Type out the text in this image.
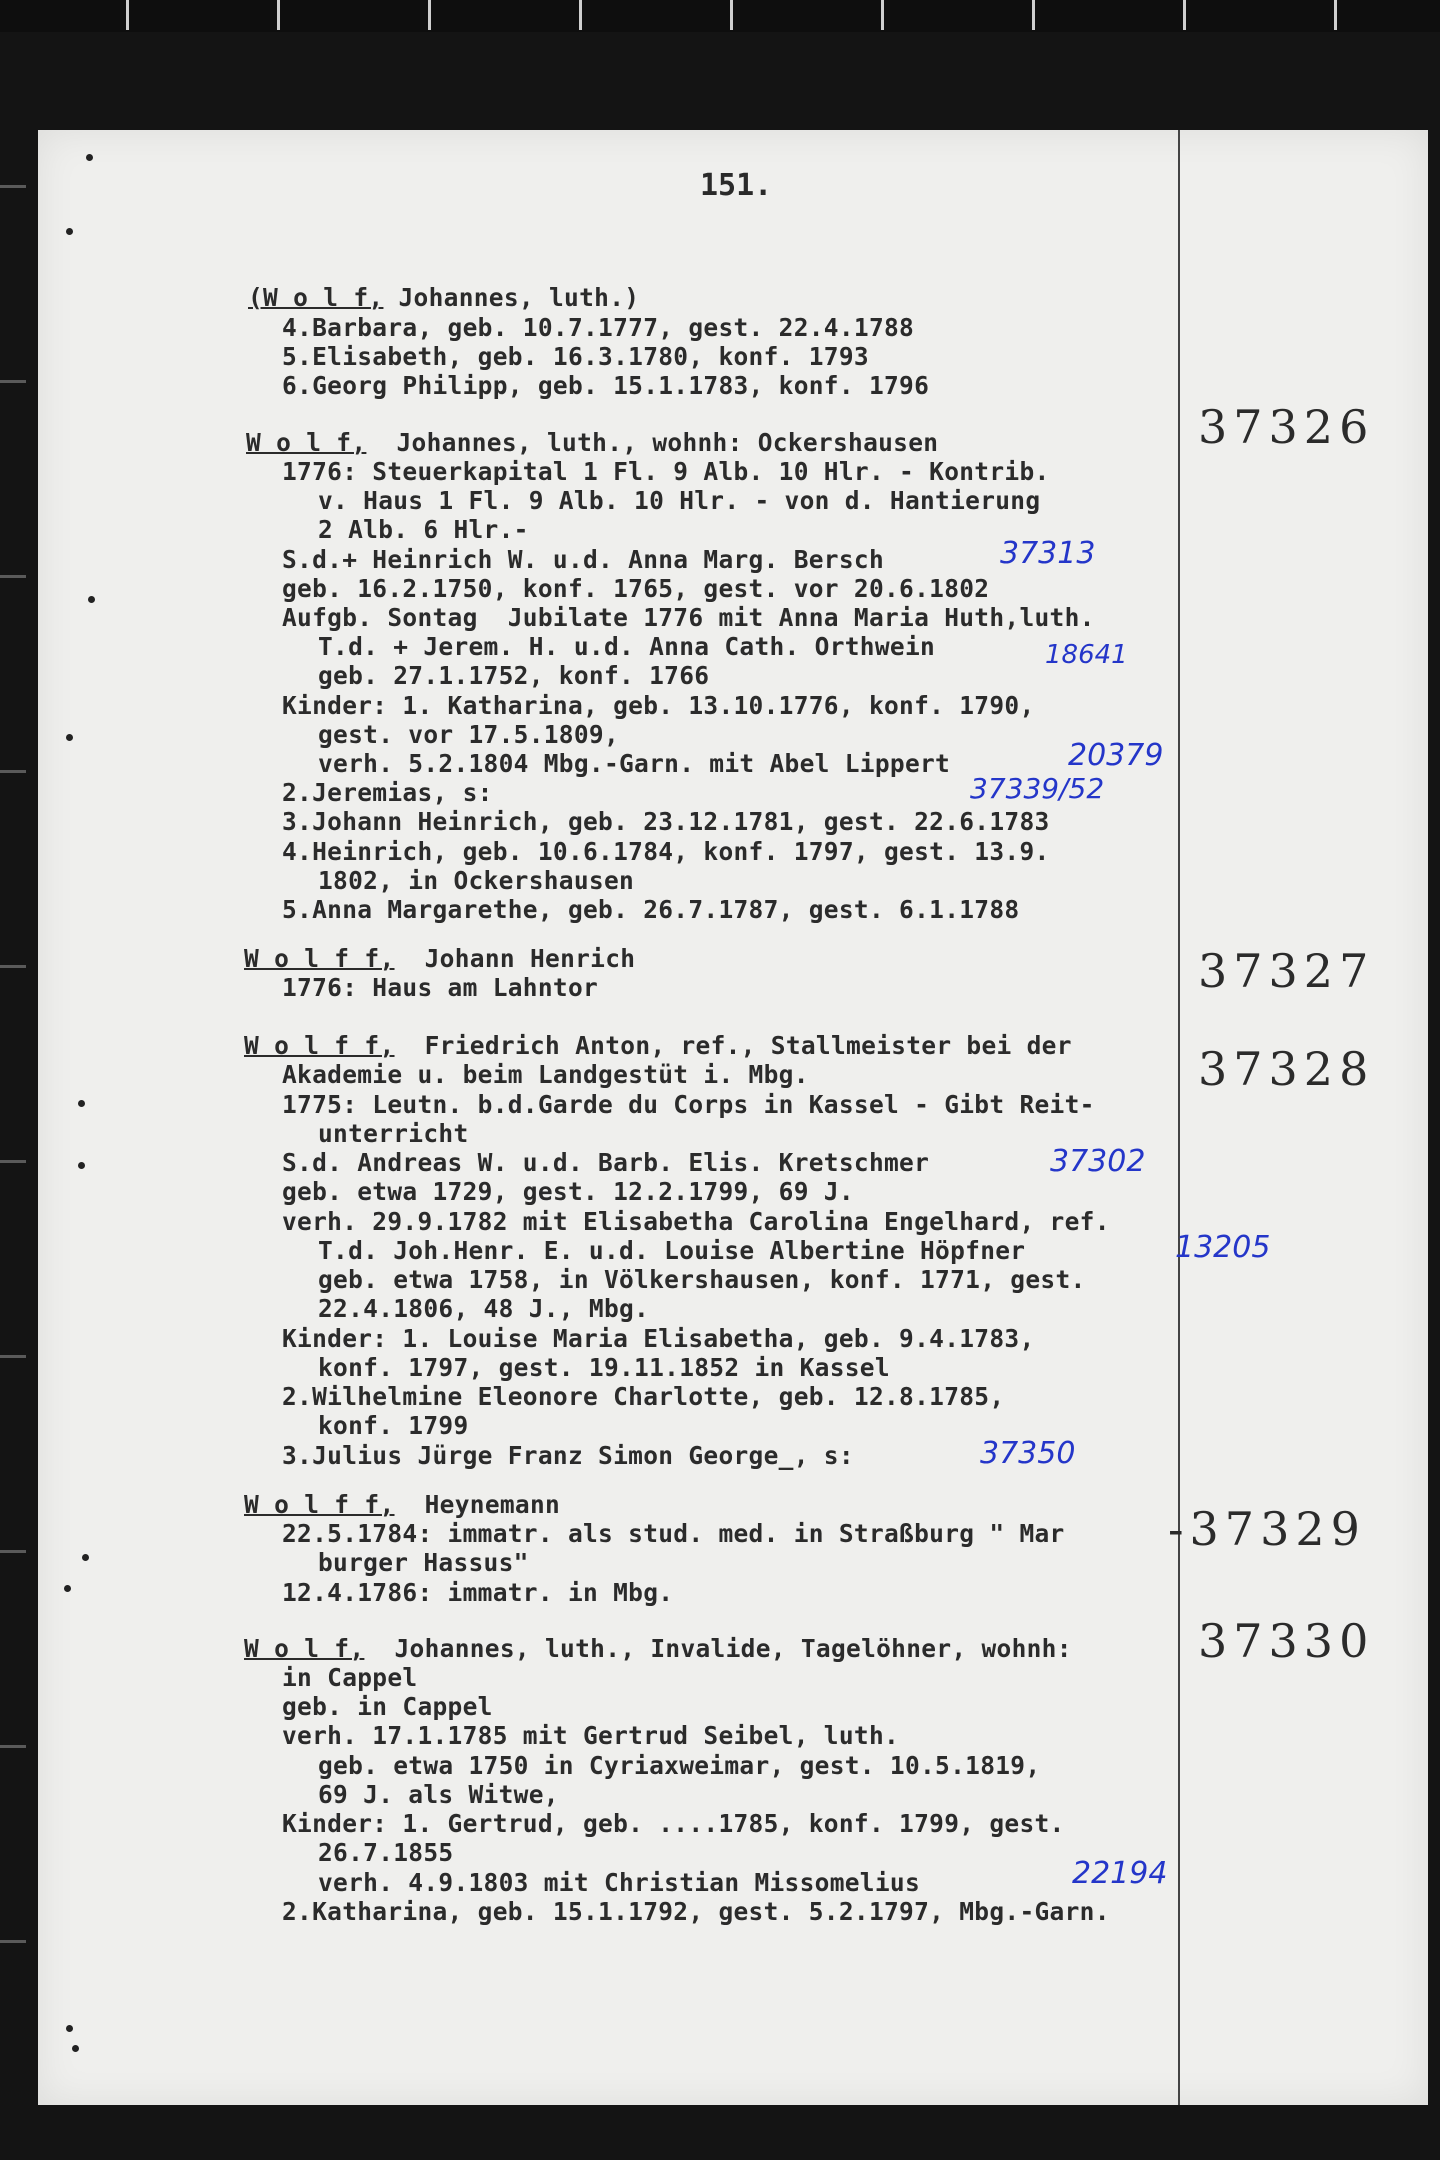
151.
(W o l f, Johannes, luth.)
4.Barbara, geb. 10.7.1777, gest. 22.4.1788
5.Elisabeth, geb. 16.3.1780, konf. 1793
6.Georg Philipp, geb. 15.1.1783, konf. 1796
W o l f,  Johannes, luth., wohnh: Ockershausen	37326
1776: Steuerkapital 1 Fl. 9 Alb. 10 Hlr. - Kontrib.
v. Haus 1 Fl. 9 Alb. 10 Hlr. - von d. Hantierung
2 Alb. 6 Hlr.-
S.d.+ Heinrich W. u.d. Anna Marg. Bersch	37313
geb. 16.2.1750, konf. 1765, gest. vor 20.6.1802
Aufgb. Sontag  Jubilate 1776 mit Anna Maria Huth,luth.
T.d. + Jerem. H. u.d. Anna Cath. Orthwein	18641
geb. 27.1.1752, konf. 1766
Kinder: 1. Katharina, geb. 13.10.1776, konf. 1790,
gest. vor 17.5.1809,
verh. 5.2.1804 Mbg.-Garn. mit Abel Lippert	20379
2.Jeremias, s:	37339/52
3.Johann Heinrich, geb. 23.12.1781, gest. 22.6.1783
4.Heinrich, geb. 10.6.1784, konf. 1797, gest. 13.9.
1802, in Ockershausen
5.Anna Margarethe, geb. 26.7.1787, gest. 6.1.1788
W o l f f,  Johann Henrich	37327
1776: Haus am Lahntor
W o l f f,  Friedrich Anton, ref., Stallmeister bei der	37328
Akademie u. beim Landgestüt i. Mbg.
1775: Leutn. b.d.Garde du Corps in Kassel - Gibt Reit-
unterricht
S.d. Andreas W. u.d. Barb. Elis. Kretschmer	37302
geb. etwa 1729, gest. 12.2.1799, 69 J.
verh. 29.9.1782 mit Elisabetha Carolina Engelhard, ref.
T.d. Joh.Henr. E. u.d. Louise Albertine Höpfner	13205
geb. etwa 1758, in Völkershausen, konf. 1771, gest.
22.4.1806, 48 J., Mbg.
Kinder: 1. Louise Maria Elisabetha, geb. 9.4.1783,
konf. 1797, gest. 19.11.1852 in Kassel
2.Wilhelmine Eleonore Charlotte, geb. 12.8.1785,
konf. 1799
3.Julius Jürge Franz Simon George_, s:	37350
W o l f f,  Heynemann	-37329
22.5.1784: immatr. als stud. med. in Straßburg " Mar
burger Hassus"
12.4.1786: immatr. in Mbg.
W o l f,  Johannes, luth., Invalide, Tagelöhner, wohnh:	37330
in Cappel
geb. in Cappel
verh. 17.1.1785 mit Gertrud Seibel, luth.
geb. etwa 1750 in Cyriaxweimar, gest. 10.5.1819,
69 J. als Witwe,
Kinder: 1. Gertrud, geb. ....1785, konf. 1799, gest.
26.7.1855
verh. 4.9.1803 mit Christian Missomelius	22194
2.Katharina, geb. 15.1.1792, gest. 5.2.1797, Mbg.-Garn.
